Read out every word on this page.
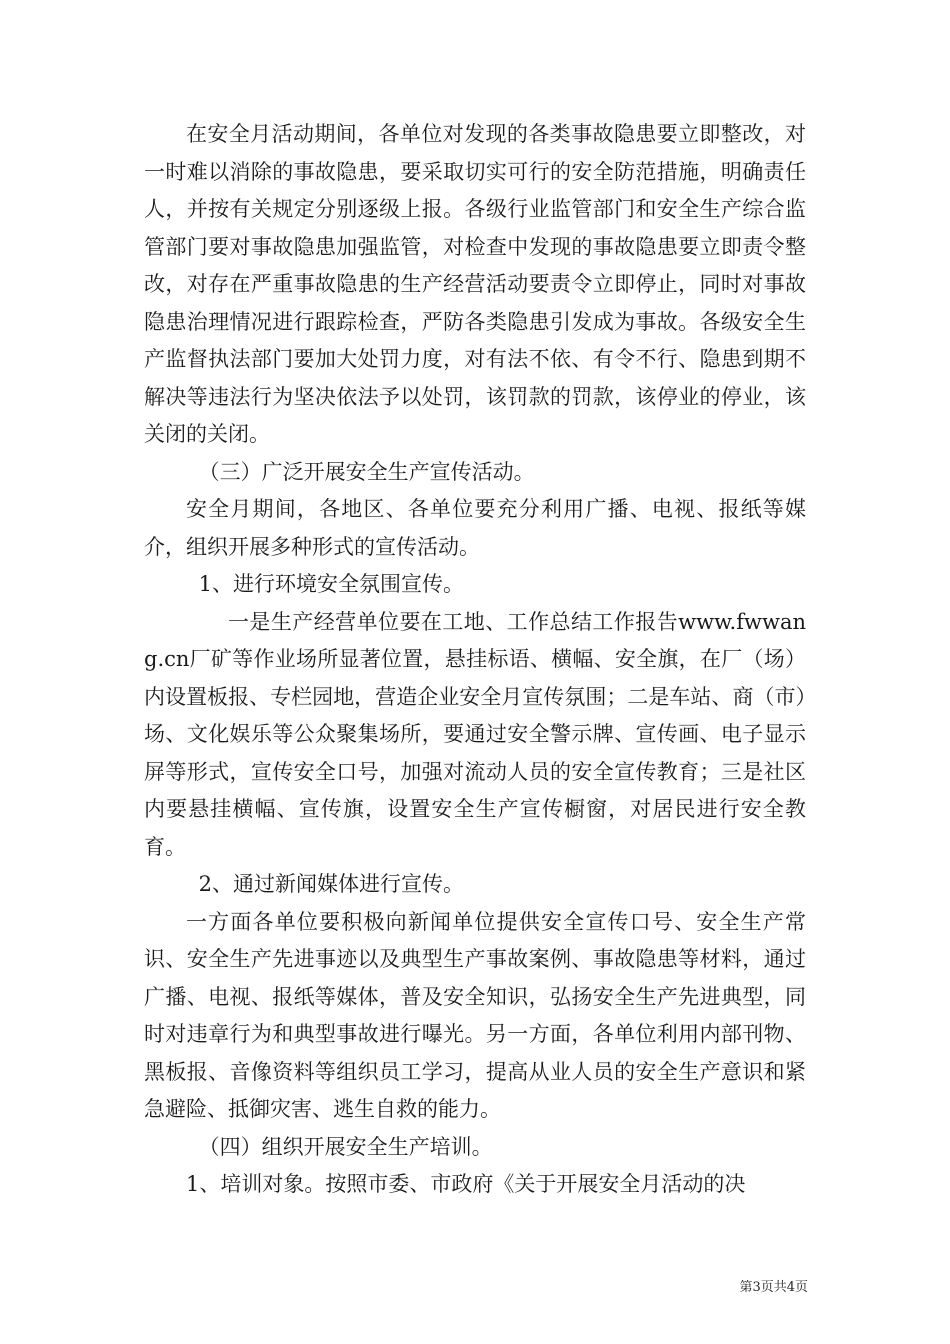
在安全月活动期间，各单位对发现的各类事故隐患要立即整改，对一时难以消除的事故隐患，要采取切实可行的安全防范措施，明确责任人，并按有关规定分别逐级上报。各级行业监管部门和安全生产综合监管部门要对事故隐患加强监管，对检查中发现的事故隐患要立即责令整改，对存在严重事故隐患的生产经营活动要责令立即停止，同时对事故隐患治理情况进行跟踪检查，严防各类隐患引发成为事故。各级安全生产监督执法部门要加大处罚力度，对有法不依、有令不行、隐患到期不解决等违法行为坚决依法予以处罚，该罚款的罚款，该停业的停业，该关闭的关闭。

（三）广泛开展安全生产宣传活动。

安全月期间，各地区、各单位要充分利用广播、电视、报纸等媒介，组织开展多种形式的宣传活动。

1、进行环境安全氛围宣传。

一是生产经营单位要在工地、工作总结工作报告www.fwwang.cn厂矿等作业场所显著位置，悬挂标语、横幅、安全旗，在厂（场）内设置板报、专栏园地，营造企业安全月宣传氛围；二是车站、商（市）场、文化娱乐等公众聚集场所，要通过安全警示牌、宣传画、电子显示屏等形式，宣传安全口号，加强对流动人员的安全宣传教育；三是社区内要悬挂横幅、宣传旗，设置安全生产宣传橱窗，对居民进行安全教育。

2、通过新闻媒体进行宣传。

一方面各单位要积极向新闻单位提供安全宣传口号、安全生产常识、安全生产先进事迹以及典型生产事故案例、事故隐患等材料，通过广播、电视、报纸等媒体，普及安全知识，弘扬安全生产先进典型，同时对违章行为和典型事故进行曝光。另一方面，各单位利用内部刊物、黑板报、音像资料等组织员工学习，提高从业人员的安全生产意识和紧急避险、抵御灾害、逃生自救的能力。

（四）组织开展安全生产培训。

1、培训对象。按照市委、市政府《关于开展安全月活动的决

第3页共4页
